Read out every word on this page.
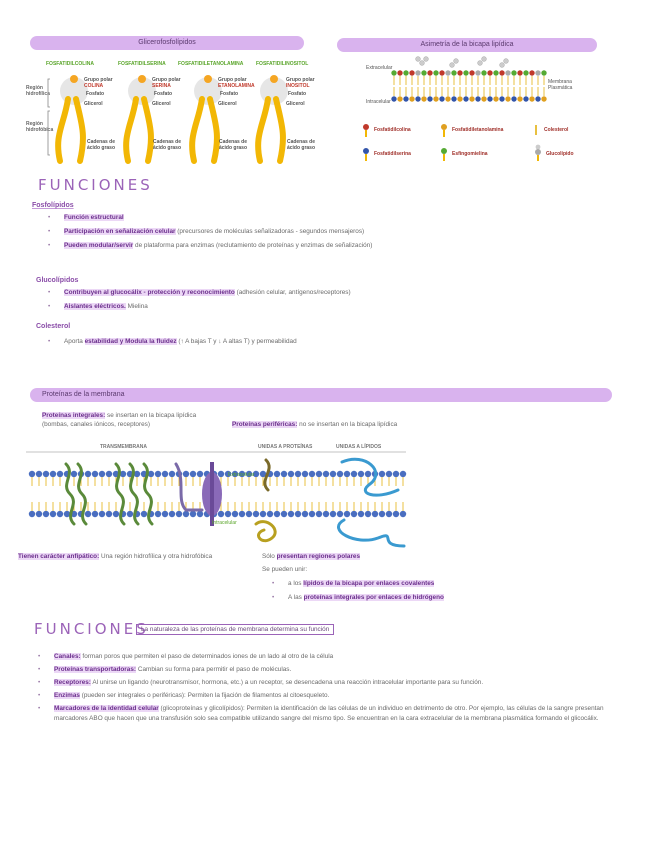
Glicerofosfolípidos
FOSFATIDILCOLINA	FOSFATIDILSERINA FOSFATIDILETANOLAMINA	FOSFATIDILINOSITOL
Región hidrofílica
Región hidrofóbica
Grupo polar
COLINA
Fosfato
Glicerol
Cadenas de ácido graso
Grupo polar
SERINA
Fosfato
Glicerol
Cadenas de ácido graso
Grupo polar
ETANOLAMINA
Fosfato
Glicerol
Cadenas de ácido graso
Grupo polar
INOSITOL
Fosfato
Glicerol
Cadenas de ácido graso
Asimetría de la bicapa lipídica
Extracelular
Intracelular
Membrana Plasmática
Fosfatidilcolina	Fosfatidiletanolamina	Colesterol
Fosfatidilserina	Esfingomielina	Glucolípido
FUNCIONES
Fosfolípidos
• Función estructural
• Participación en señalización celular (precursores de moléculas señalizadoras - segundos mensajeros)
• Pueden modular/servir de plataforma para enzimas (reclutamiento de proteínas y enzimas de señalización)
Glucolípidos
• Contribuyen al glucocálix - protección y reconocimiento (adhesión celular, antígenos/receptores)
• Aislantes eléctricos. Mielina
Colesterol
• Aporta estabilidad y Modula la fluidez (↑ A bajas T y ↓ A altas T) y permeabilidad
Proteínas de la membrana
Proteínas integrales: se insertan en la bicapa lipídica (bombas, canales iónicos, receptores)	Proteínas periféricas: no se insertan en la bicapa lipídica
TRANSMEMBRANA	UNIDAS A PROTEÍNAS	UNIDAS A LÍPIDOS
Extracelular
Intracelular
Tienen carácter anfipático: Una región hidrofílica y otra hidrofóbica	Sólo presentan regiones polares
Se pueden unir:
• a los lípidos de la bicapa por enlaces covalentes
• A las proteínas integrales por enlaces de hidrógeno
FUNCIONES
La naturaleza de las proteínas de membrana determina su función
• Canales: forman poros que permiten el paso de determinados iones de un lado al otro de la célula
• Proteínas transportadoras: Cambian su forma para permitir el paso de moléculas.
• Receptores: Al unirse un ligando (neurotransmisor, hormona, etc.) a un receptor, se desencadena una reacción intracelular importante para su función.
• Enzimas (pueden ser integrales o periféricas): Permiten la fijación de filamentos al citoesqueleto.
• Marcadores de la identidad celular (glicoproteínas y glicolípidos): Permiten la identificación de las células de un individuo en detrimento de otro. Por ejemplo, las células de la sangre presentan marcadores ABO que hacen que una transfusión solo sea compatible utilizando sangre del mismo tipo. Se encuentran en la cara extracelular de la membrana plasmática formando el glicocálix.
